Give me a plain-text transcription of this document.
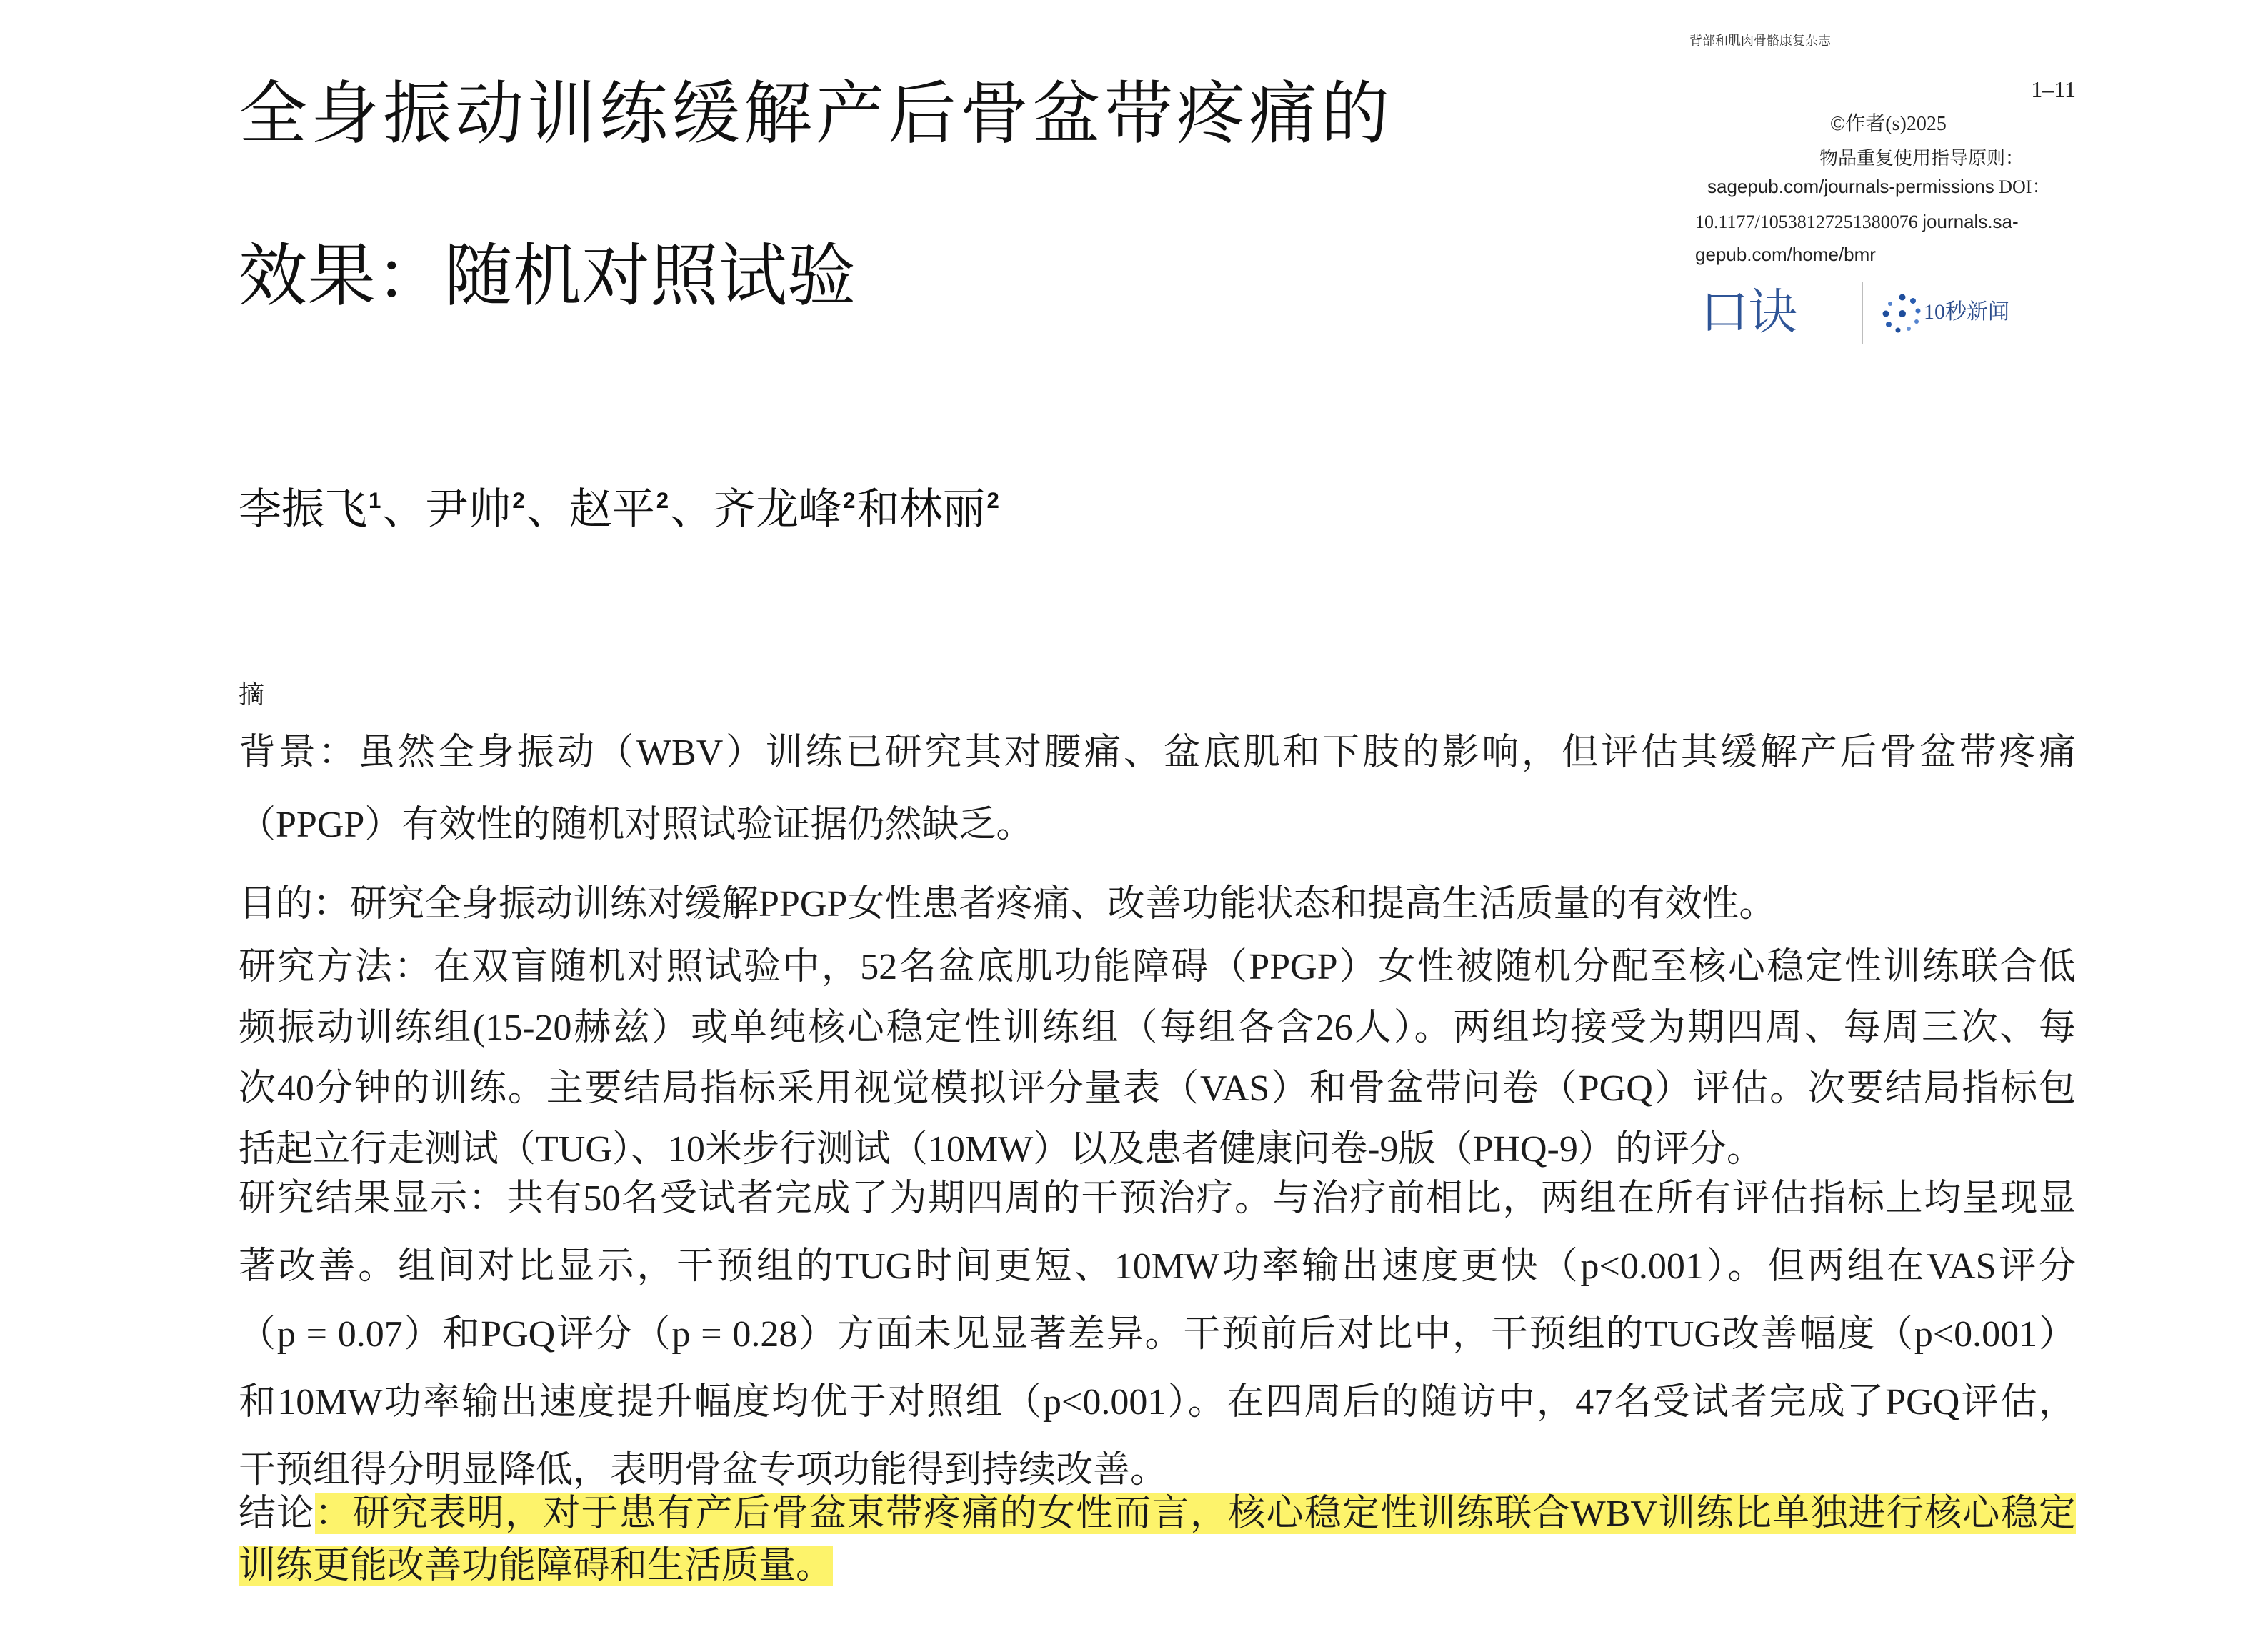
背部和肌肉骨骼康复杂志
1–11
全身振动训练缓解产后骨盆带疼痛的
效果：随机对照试验
©作者(s)2025
物品重复使用指导原则：
sagepub.com/journals-permissions DOI：
10.1177/10538127251380076 journals.sa-
gepub.com/home/bmr
口诀	10秒新闻
李振飞$^1$、尹帅$^2$、赵平$^2$、齐龙峰$^2$和林丽$^2$
摘
背景：虽然全身振动（WBV）训练已研究其对腰痛、盆底肌和下肢的影响，但评估其缓解产后骨盆带疼痛
（PPGP）有效性的随机对照试验证据仍然缺乏。
目的：研究全身振动训练对缓解PPGP女性患者疼痛、改善功能状态和提高生活质量的有效性。
研究方法：在双盲随机对照试验中，52名盆底肌功能障碍（PPGP）女性被随机分配至核心稳定性训练联合低
频振动训练组(15-20赫兹）或单纯核心稳定性训练组（每组各含26人）。两组均接受为期四周、每周三次、每
次40分钟的训练。主要结局指标采用视觉模拟评分量表（VAS）和骨盆带问卷（PGQ）评估。次要结局指标包
括起立行走测试（TUG）、10米步行测试（10MW）以及患者健康问卷-9版（PHQ-9）的评分。
研究结果显示：共有50名受试者完成了为期四周的干预治疗。与治疗前相比，两组在所有评估指标上均呈现显
著改善。组间对比显示，干预组的TUG时间更短、10MW功率输出速度更快（p<0.001）。但两组在VAS评分
（p = 0.07）和PGQ评分（p = 0.28）方面未见显著差异。干预前后对比中，干预组的TUG改善幅度（p<0.001）
和10MW功率输出速度提升幅度均优于对照组（p<0.001）。在四周后的随访中，47名受试者完成了PGQ评估，
干预组得分明显降低，表明骨盆专项功能得到持续改善。
结论：研究表明，对于患有产后骨盆束带疼痛的女性而言，核心稳定性训练联合WBV训练比单独进行核心稳定
训练更能改善功能障碍和生活质量。
